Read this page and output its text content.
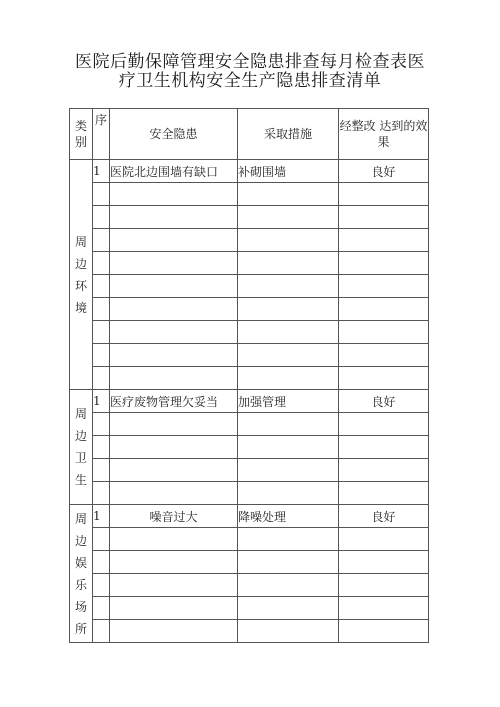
医院后勤保障管理安全隐患排查每月检查表医
疗卫生机构安全生产隐患排查清单
类别	序	安全隐患	采取措施	经整改 达到的效果
周边环境	1	医院北边围墙有缺口	补砌围墙	良好

周边卫生	1	医疗废物管理欠妥当	加强管理	良好

周边娱乐场所	1	噪音过大	降噪处理	良好
